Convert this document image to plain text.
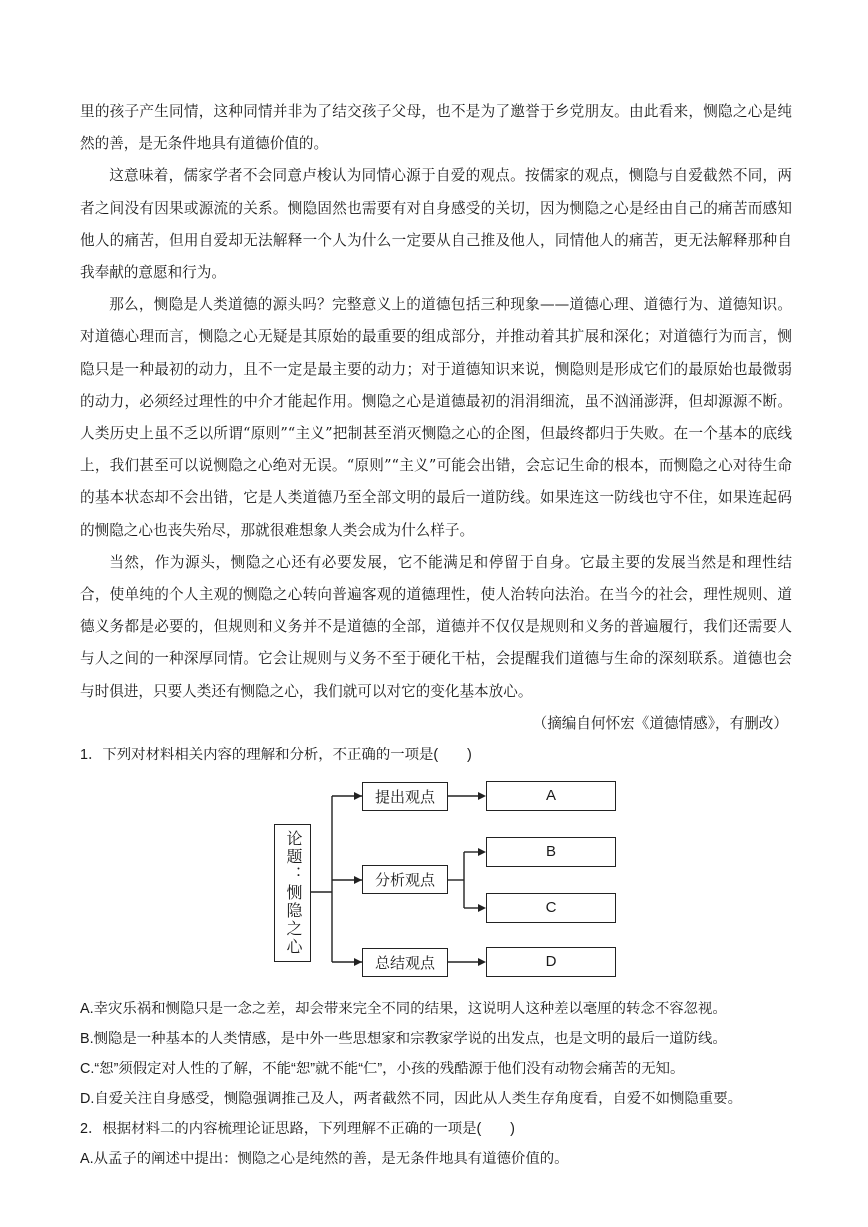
里的孩子产生同情，这种同情并非为了结交孩子父母，也不是为了邀誉于乡党朋友。由此看来，恻隐之心是纯然的善，是无条件地具有道德价值的。

这意味着，儒家学者不会同意卢梭认为同情心源于自爱的观点。按儒家的观点，恻隐与自爱截然不同，两者之间没有因果或源流的关系。恻隐固然也需要有对自身感受的关切，因为恻隐之心是经由自己的痛苦而感知他人的痛苦，但用自爱却无法解释一个人为什么一定要从自己推及他人，同情他人的痛苦，更无法解释那种自我奉献的意愿和行为。

那么，恻隐是人类道德的源头吗？完整意义上的道德包括三种现象——道德心理、道德行为、道德知识。对道德心理而言，恻隐之心无疑是其原始的最重要的组成部分，并推动着其扩展和深化；对道德行为而言，恻隐只是一种最初的动力，且不一定是最主要的动力；对于道德知识来说，恻隐则是形成它们的最原始也最微弱的动力，必须经过理性的中介才能起作用。恻隐之心是道德最初的涓涓细流，虽不汹涌澎湃，但却源源不断。人类历史上虽不乏以所谓“原则”“主义”把制甚至消灭恻隐之心的企图，但最终都归于失败。在一个基本的底线上，我们甚至可以说恻隐之心绝对无误。“原则”“主义”可能会出错，会忘记生命的根本，而恻隐之心对待生命的基本状态却不会出错，它是人类道德乃至全部文明的最后一道防线。如果连这一防线也守不住，如果连起码的恻隐之心也丧失殆尽，那就很难想象人类会成为什么样子。

当然，作为源头，恻隐之心还有必要发展，它不能满足和停留于自身。它最主要的发展当然是和理性结合，使单纯的个人主观的恻隐之心转向普遍客观的道德理性，使人治转向法治。在当今的社会，理性规则、道德义务都是必要的，但规则和义务并不是道德的全部，道德并不仅仅是规则和义务的普遍履行，我们还需要人与人之间的一种深厚同情。它会让规则与义务不至于硬化干枯，会提醒我们道德与生命的深刻联系。道德也会与时俱进，只要人类还有恻隐之心，我们就可以对它的变化基本放心。

（摘编自何怀宏《道德情感》，有删改）

1．下列对材料相关内容的理解和分析，不正确的一项是(　　)

论题：恻隐之心
提出观点
分析观点
总结观点
A
B
C
D

A.幸灾乐祸和恻隐只是一念之差，却会带来完全不同的结果，这说明人这种差以毫厘的转念不容忽视。

B.恻隐是一种基本的人类情感，是中外一些思想家和宗教家学说的出发点，也是文明的最后一道防线。

C.“恕”须假定对人性的了解，不能“恕”就不能“仁”，小孩的残酷源于他们没有动物会痛苦的无知。

D.自爱关注自身感受，恻隐强调推己及人，两者截然不同，因此从人类生存角度看，自爱不如恻隐重要。

2．根据材料二的内容梳理论证思路，下列理解不正确的一项是(　　)

A.从孟子的阐述中提出：恻隐之心是纯然的善，是无条件地具有道德价值的。
